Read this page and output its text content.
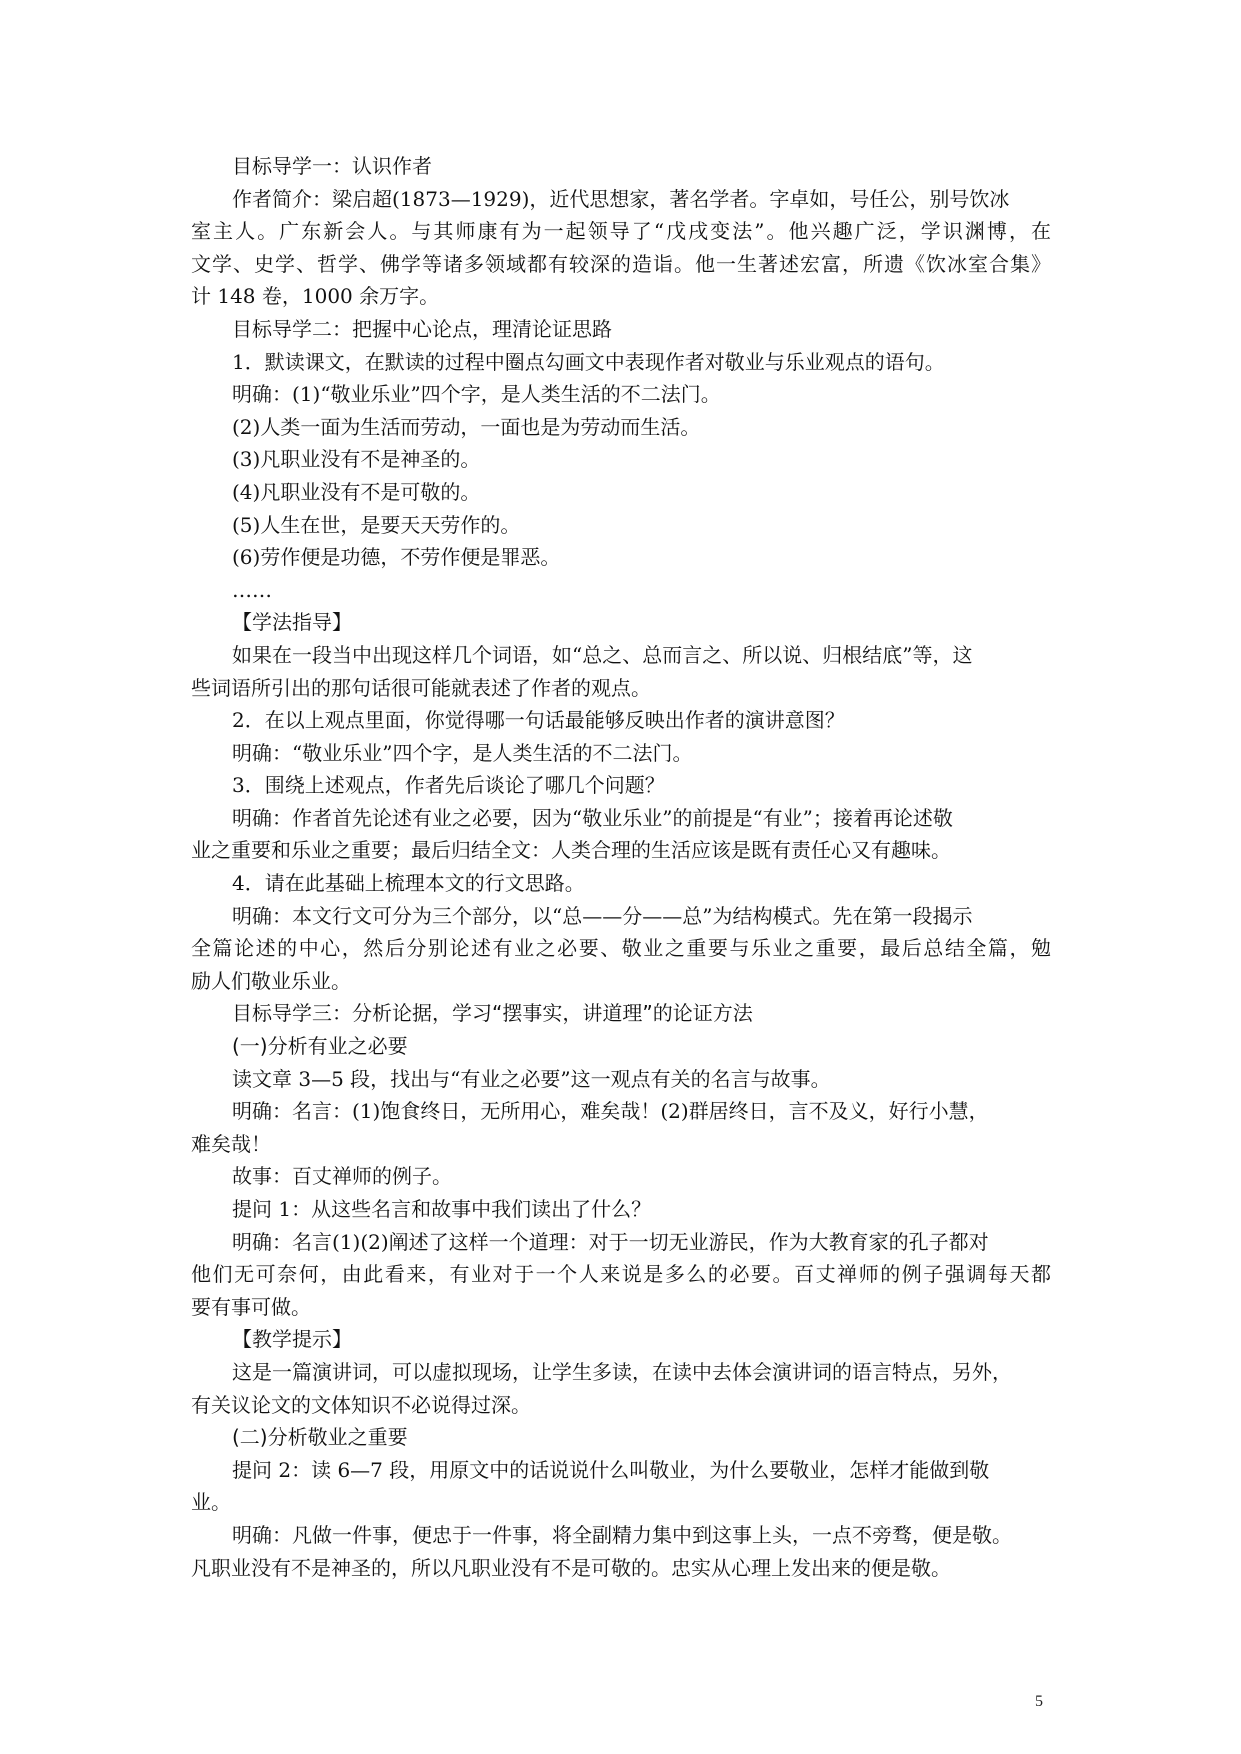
目标导学一：认识作者
作者简介：梁启超(1873—1929)，近代思想家，著名学者。字卓如，号任公，别号饮冰
室主人。广东新会人。与其师康有为一起领导了“戊戌变法”。他兴趣广泛，学识渊博，在
文学、史学、哲学、佛学等诸多领域都有较深的造诣。他一生著述宏富，所遗《饮冰室合集》
计 148 卷，1000 余万字。
目标导学二：把握中心论点，理清论证思路
1．默读课文，在默读的过程中圈点勾画文中表现作者对敬业与乐业观点的语句。
明确：(1)“敬业乐业”四个字，是人类生活的不二法门。
(2)人类一面为生活而劳动，一面也是为劳动而生活。
(3)凡职业没有不是神圣的。
(4)凡职业没有不是可敬的。
(5)人生在世，是要天天劳作的。
(6)劳作便是功德，不劳作便是罪恶。
……
【学法指导】
如果在一段当中出现这样几个词语，如“总之、总而言之、所以说、归根结底”等，这
些词语所引出的那句话很可能就表述了作者的观点。
2．在以上观点里面，你觉得哪一句话最能够反映出作者的演讲意图？
明确：“敬业乐业”四个字，是人类生活的不二法门。
3．围绕上述观点，作者先后谈论了哪几个问题？
明确：作者首先论述有业之必要，因为“敬业乐业”的前提是“有业”；接着再论述敬
业之重要和乐业之重要；最后归结全文：人类合理的生活应该是既有责任心又有趣味。
4．请在此基础上梳理本文的行文思路。
明确：本文行文可分为三个部分，以“总——分——总”为结构模式。先在第一段揭示
全篇论述的中心，然后分别论述有业之必要、敬业之重要与乐业之重要，最后总结全篇，勉
励人们敬业乐业。
目标导学三：分析论据，学习“摆事实，讲道理”的论证方法
(一)分析有业之必要
读文章 3—5 段，找出与“有业之必要”这一观点有关的名言与故事。
明确：名言：(1)饱食终日，无所用心，难矣哉！(2)群居终日，言不及义，好行小慧，
难矣哉！
故事：百丈禅师的例子。
提问 1：从这些名言和故事中我们读出了什么？
明确：名言(1)(2)阐述了这样一个道理：对于一切无业游民，作为大教育家的孔子都对
他们无可奈何，由此看来，有业对于一个人来说是多么的必要。百丈禅师的例子强调每天都
要有事可做。
【教学提示】
这是一篇演讲词，可以虚拟现场，让学生多读，在读中去体会演讲词的语言特点，另外，
有关议论文的文体知识不必说得过深。
(二)分析敬业之重要
提问 2：读 6—7 段，用原文中的话说说什么叫敬业，为什么要敬业，怎样才能做到敬
业。
明确：凡做一件事，便忠于一件事，将全副精力集中到这事上头，一点不旁骛，便是敬。
凡职业没有不是神圣的，所以凡职业没有不是可敬的。忠实从心理上发出来的便是敬。
5
